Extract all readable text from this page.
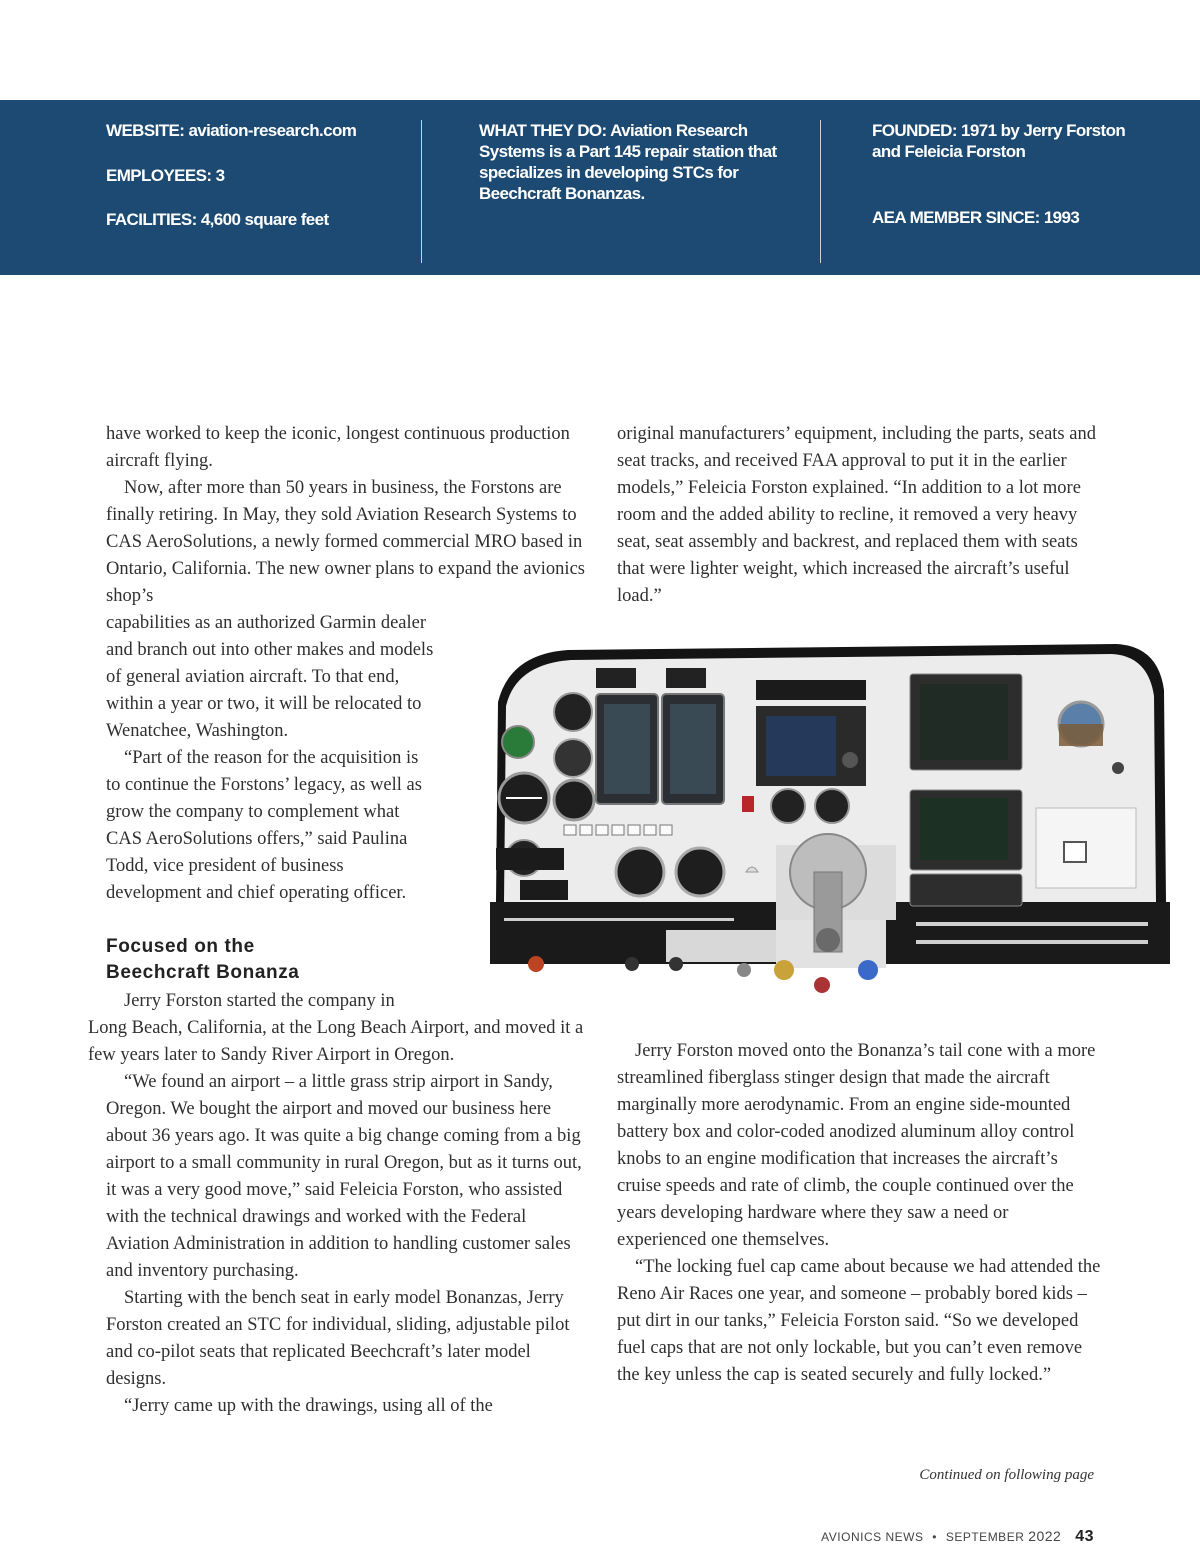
WEBSITE: aviation-research.com

EMPLOYEES: 3

FACILITIES: 4,600 square feet

WHAT THEY DO: Aviation Research Systems is a Part 145 repair station that specializes in developing STCs for Beechcraft Bonanzas.

FOUNDED: 1971 by Jerry Forston and Feleicia Forston

AEA MEMBER SINCE: 1993

have worked to keep the iconic, longest continuous production aircraft flying.

Now, after more than 50 years in business, the Forstons are finally retiring. In May, they sold Aviation Research Systems to CAS AeroSolutions, a newly formed commercial MRO based in Ontario, California. The new owner plans to expand the avionics shop’s

capabilities as an authorized Garmin dealer and branch out into other makes and models of general aviation aircraft. To that end, within a year or two, it will be relocated to Wenatchee, Washington.

“Part of the reason for the acquisition is to continue the Forstons’ legacy, as well as grow the company to complement what CAS AeroSolutions offers,” said Paulina Todd, vice president of business development and chief operating officer.

Focused on the
Beechcraft Bonanza

Jerry Forston started the company in
Long Beach, California, at the Long Beach Airport, and moved it a few years later to Sandy River Airport in Oregon.

“We found an airport – a little grass strip airport in Sandy, Oregon. We bought the airport and moved our business here about 36 years ago. It was quite a big change coming from a big airport to a small community in rural Oregon, but as it turns out, it was a very good move,” said Feleicia Forston, who assisted with the technical drawings and worked with the Federal Aviation Administration in addition to handling customer sales and inventory purchasing.

Starting with the bench seat in early model Bonanzas, Jerry Forston created an STC for individual, sliding, adjustable pilot and co-pilot seats that replicated Beechcraft’s later model designs.

“Jerry came up with the drawings, using all of the

original manufacturers’ equipment, including the parts, seats and seat tracks, and received FAA approval to put it in the earlier models,” Feleicia Forston explained. “In addition to a lot more room and the added ability to recline, it removed a very heavy seat, seat assembly and backrest, and replaced them with seats that were lighter weight, which increased the aircraft’s useful load.”

Jerry Forston moved onto the Bonanza’s tail cone with a more streamlined fiberglass stinger design that made the aircraft marginally more aerodynamic. From an engine side-mounted battery box and color-coded anodized aluminum alloy control knobs to an engine modification that increases the aircraft’s cruise speeds and rate of climb, the couple continued over the years developing hardware where they saw a need or experienced one themselves.

“The locking fuel cap came about because we had attended the Reno Air Races one year, and someone – probably bored kids – put dirt in our tanks,” Feleicia Forston said. “So we developed fuel caps that are not only lockable, but you can’t even remove the key unless the cap is seated securely and fully locked.”

Continued on following page

AVIONICS NEWS • SEPTEMBER 2022 43
